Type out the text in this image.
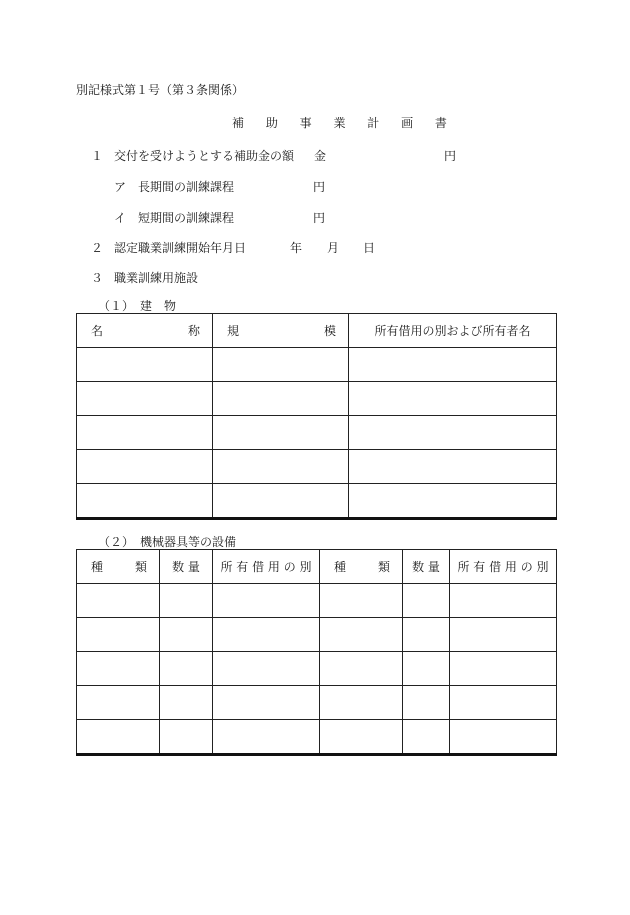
別記様式第１号（第３条関係）
補 助 事 業 計 画 書
１ 交付を受けようとする補助金の額 金	円
ア　長期間の訓練課程	円
イ　短期間の訓練課程	円
２ 認定職業訓練開始年月日	年 月 日
３ 職業訓練用施設
（１）　建　物
名 称	規 模	所有借用の別および所有者名

（２）　機械器具等の設備
種 類	数 量	所 有 借 用 の 別	種 類	数 量	所 有 借 用 の 別
